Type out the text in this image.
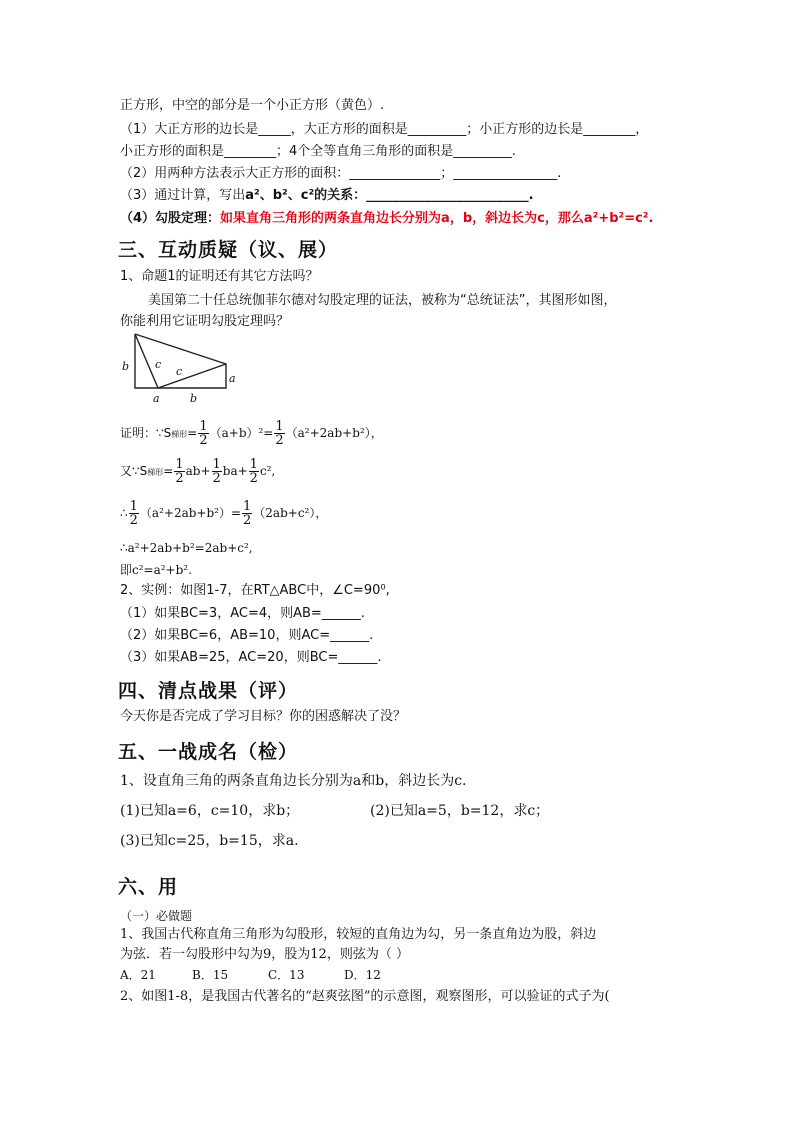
正方形，中空的部分是一个小正方形（黄色）.
（1）大正方形的边长是_____，大正方形的面积是_________；小正方形的边长是________，
小正方形的面积是________；4个全等直角三角形的面积是_________.
（2）用两种方法表示大正方形的面积：______________；________________.
（3）通过计算，写出a²、b²、c²的关系：_________________________.
（4）勾股定理：如果直角三角形的两条直角边长分别为a，b，斜边长为c，那么a²+b²=c².
三、互动质疑（议、展）
1、命题1的证明还有其它方法吗？
美国第二十任总统伽菲尔德对勾股定理的证法，被称为“总统证法”，其图形如图，
你能利用它证明勾股定理吗？
b c
c
a
a	b
证明：∵S梯形= $\frac{1}{2} (a+b)^2= \frac{1}{2} (a^2+2ab+b^2)$，
又∵S梯形= $\frac{1}{2} ab+ \frac{1}{2} ba+ \frac{1}{2} c^2$,
∴ $\frac{1}{2} (a^2+2ab+b^2)= \frac{1}{2} (2ab+c^2)$，
∴a²+2ab+b²=2ab+c²,
即c²=a²+b².
2、实例：如图1-7，在RT△ABC中，∠C=90⁰,
（1）如果BC=3，AC=4，则AB=______.
（2）如果BC=6，AB=10，则AC=______.
（3）如果AB=25，AC=20，则BC=______.
四、清点战果（评）
今天你是否完成了学习目标？你的困惑解决了没？
五、一战成名（检）
1、设直角三角的两条直角边长分别为a和b，斜边长为c.
(1)已知a=6，c=10，求b；	(2)已知a=5，b=12，求c；
(3)已知c=25，b=15，求a.
六、用
（一）必做题
1、我国古代称直角三角形为勾股形，较短的直角边为勾，另一条直角边为股，斜边
为弦．若一勾股形中勾为9，股为12，则弦为（ ）
A．21	B．15	C．13	D．12
2、如图1-8，是我国古代著名的“赵爽弦图”的示意图，观察图形，可以验证的式子为(
